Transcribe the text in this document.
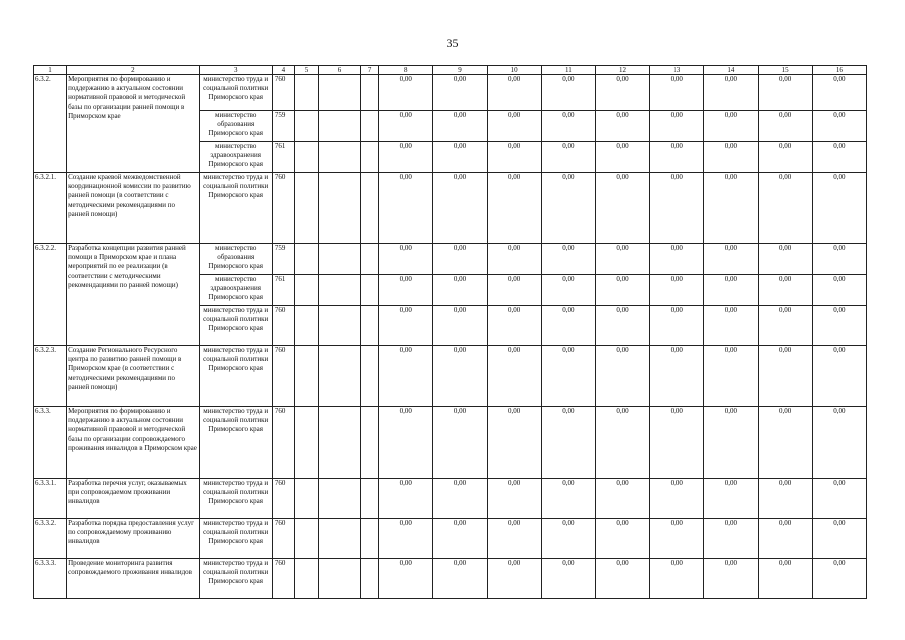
35
1	2	3	4	5	6	7	8	9	10	11	12	13	14	15	16
6.3.2.	Мероприятия по формированию и поддержанию в актуальном состоянии нормативной правовой и методической базы по организации ранней помощи в Приморском крае	министерство труда и социальной политики Приморского края	760				0,00	0,00	0,00	0,00	0,00	0,00	0,00	0,00	0,00
		министерство образования Приморского края	759				0,00	0,00	0,00	0,00	0,00	0,00	0,00	0,00	0,00
		министерство здравоохранения Приморского края	761				0,00	0,00	0,00	0,00	0,00	0,00	0,00	0,00	0,00
6.3.2.1.	Создание краевой межведомственной координационной комиссии по развитию ранней помощи (в соответствии с методическими рекомендациями по ранней помощи)	министерство труда и социальной политики Приморского края	760				0,00	0,00	0,00	0,00	0,00	0,00	0,00	0,00	0,00
6.3.2.2.	Разработка концепции развития ранней помощи в Приморском крае и плана мероприятий по ее реализации (в соответствии с методическими рекомендациями по ранней помощи)	министерство образования Приморского края	759				0,00	0,00	0,00	0,00	0,00	0,00	0,00	0,00	0,00
		министерство здравоохранения Приморского края	761				0,00	0,00	0,00	0,00	0,00	0,00	0,00	0,00	0,00
		министерство труда и социальной политики Приморского края	760				0,00	0,00	0,00	0,00	0,00	0,00	0,00	0,00	0,00
6.3.2.3.	Создание Регионального Ресурсного центра по развитию ранней помощи в Приморском крае (в соответствии с методическими рекомендациями по ранней помощи)	министерство труда и социальной политики Приморского края	760				0,00	0,00	0,00	0,00	0,00	0,00	0,00	0,00	0,00
6.3.3.	Мероприятия по формированию и поддержанию в актуальном состоянии нормативной правовой и методической базы по организации сопровождаемого проживания инвалидов в Приморском крае	министерство труда и социальной политики Приморского края	760				0,00	0,00	0,00	0,00	0,00	0,00	0,00	0,00	0,00
6.3.3.1.	Разработка перечня услуг, оказываемых при сопровождаемом проживании инвалидов	министерство труда и социальной политики Приморского края	760				0,00	0,00	0,00	0,00	0,00	0,00	0,00	0,00	0,00
6.3.3.2.	Разработка порядка предоставления услуг по сопровождаемому проживанию инвалидов	министерство труда и социальной политики Приморского края	760				0,00	0,00	0,00	0,00	0,00	0,00	0,00	0,00	0,00
6.3.3.3.	Проведение мониторинга развития сопровождаемого проживания инвалидов	министерство труда и социальной политики Приморского края	760				0,00	0,00	0,00	0,00	0,00	0,00	0,00	0,00	0,00
